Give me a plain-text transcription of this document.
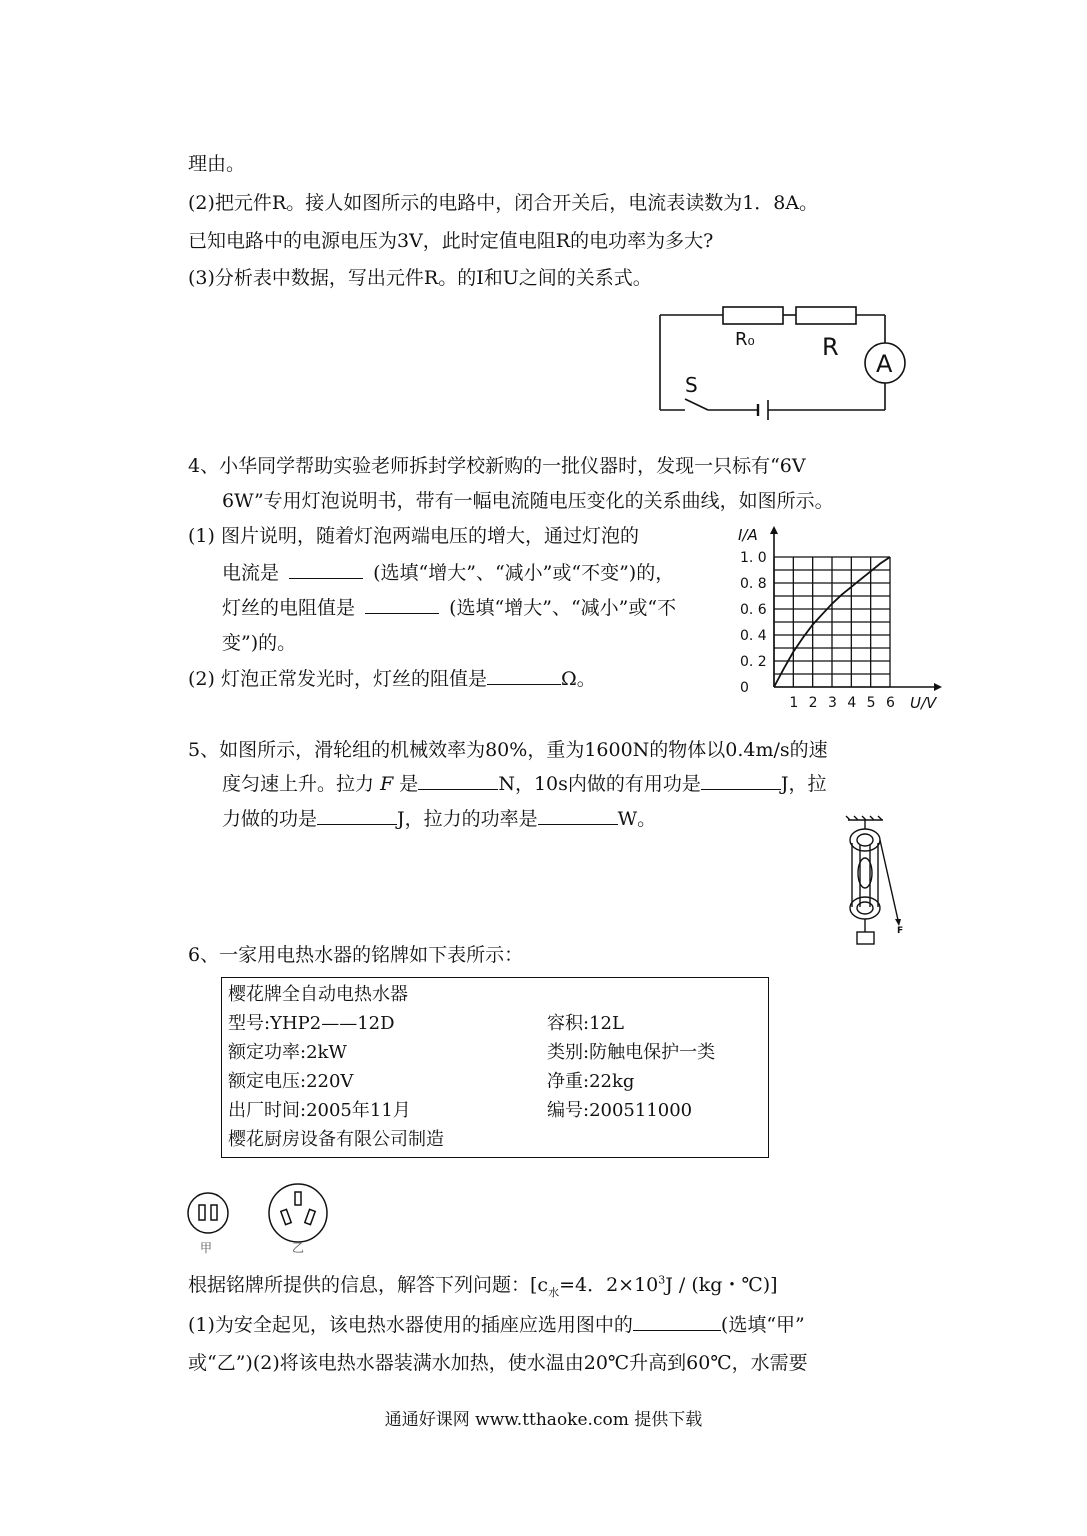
理由。
(2)把元件R。接人如图所示的电路中，闭合开关后，电流表读数为1．8A。
已知电路中的电源电压为3V，此时定值电阻R的电功率为多大?
(3)分析表中数据，写出元件R。的I和U之间的关系式。
R₀	R
A
S
4、小华同学帮助实验老师拆封学校新购的一批仪器时，发现一只标有“6V
6W”专用灯泡说明书，带有一幅电流随电压变化的关系曲线，如图所示。
(1) 图片说明，随着灯泡两端电压的增大，通过灯泡的
电流是	(选填“增大”、“减小”或“不变”)的，
灯丝的电阻值是	(选填“增大”、“减小”或“不
变”)的。
(2) 灯泡正常发光时，灯丝的阻值是	Ω。
1 2 3 4 5 6
0
0. 2
0. 4
0. 6
0. 8
1. 0
I/A
U/V
5、如图所示，滑轮组的机械效率为80%，重为1600N的物体以0.4m/s的速
度匀速上升。拉力 F 是	N，10s内做的有用功是	J，拉
力做的功是	J，拉力的功率是	W。
F
6、一家用电热水器的铭牌如下表所示：
樱花牌全自动电热水器
型号:YHP2——12D	容积:12L
额定功率:2kW	类别:防触电保护一类
额定电压:220V	净重:22kg
出厂时间:2005年11月	编号:200511000
樱花厨房设备有限公司制造
甲	乙
根据铭牌所提供的信息，解答下列问题：[$c_水=4$．$2\times 10^3J / (kg$・℃)]
(1)为安全起见，该电热水器使用的插座应选用图中的	(选填“甲”
或“乙”)(2)将该电热水器装满水加热，使水温由20℃升高到60℃，水需要
通通好课网 www.tthaoke.com 提供下载
